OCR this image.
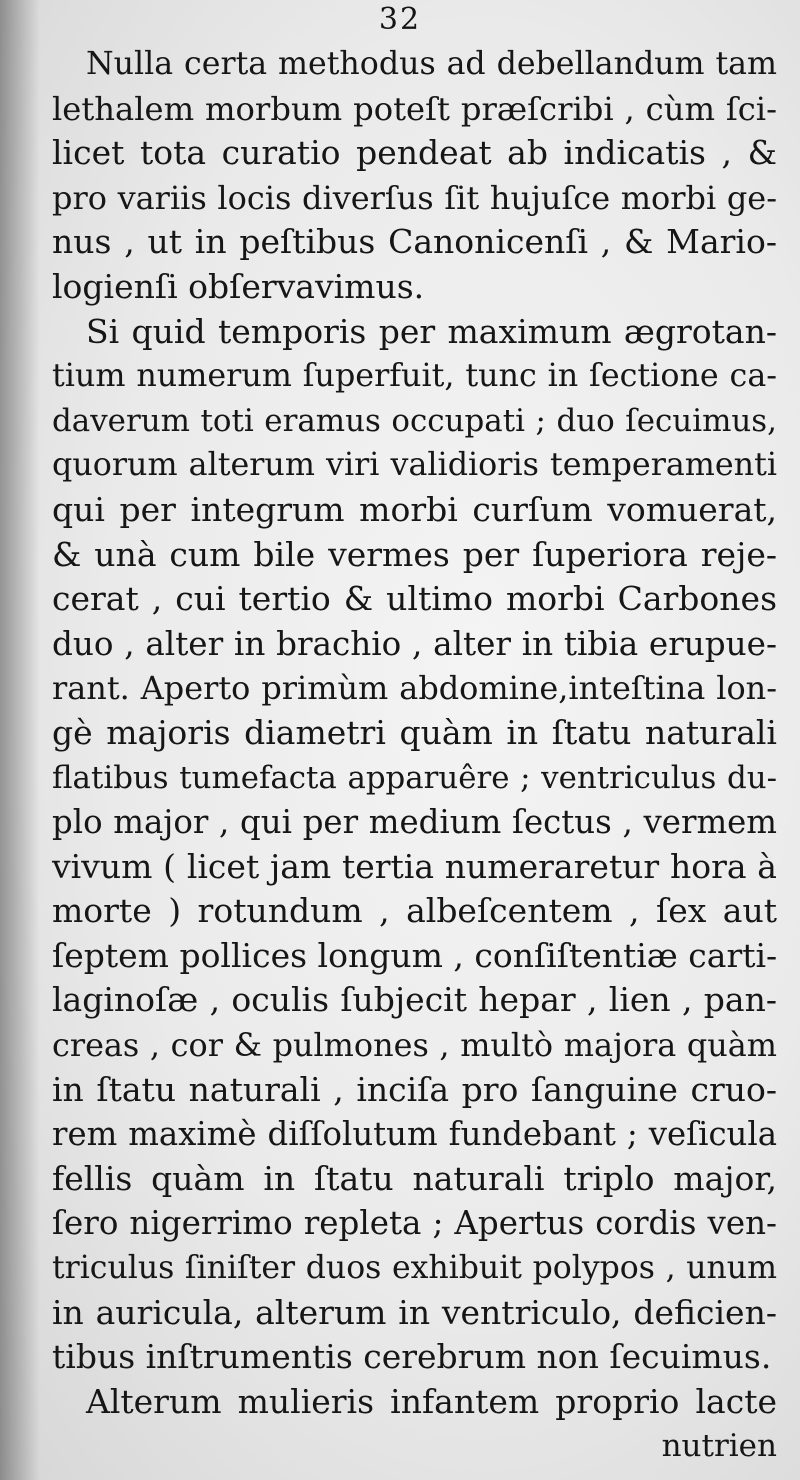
32
Nulla certa methodus ad debellandum tam
lethalem morbum poteſt præſcribi , cùm ſci-
licet tota curatio pendeat ab indicatis , &
pro variis locis diverſus ſit hujuſce morbi ge-
nus , ut in peſtibus Canonicenſi , & Mario-
logienſi obſervavimus.
Si quid temporis per maximum ægrotan-
tium numerum ſuperfuit, tunc in ſectione ca-
daverum toti eramus occupati ; duo ſecuimus,
quorum alterum viri validioris temperamenti
qui per integrum morbi curſum vomuerat,
& unà cum bile vermes per ſuperiora reje-
cerat , cui tertio & ultimo morbi Carbones
duo , alter in brachio , alter in tibia erupue-
rant. Aperto primùm abdomine,inteſtina lon-
gè majoris diametri quàm in ſtatu naturali
flatibus tumefacta apparuêre ; ventriculus du-
plo major , qui per medium ſectus , vermem
vivum ( licet jam tertia numeraretur hora à
morte ) rotundum , albeſcentem , ſex aut
ſeptem pollices longum , conſiſtentiæ carti-
laginoſæ , oculis ſubjecit hepar , lien , pan-
creas , cor & pulmones , multò majora quàm
in ſtatu naturali , inciſa pro ſanguine cruo-
rem maximè diſſolutum fundebant ; veſicula
fellis quàm in ſtatu naturali triplo major,
ſero nigerrimo repleta ; Apertus cordis ven-
triculus ſiniſter duos exhibuit polypos , unum
in auricula, alterum in ventriculo, deficien-
tibus inſtrumentis cerebrum non ſecuimus.
Alterum mulieris infantem proprio lacte
nutrien
